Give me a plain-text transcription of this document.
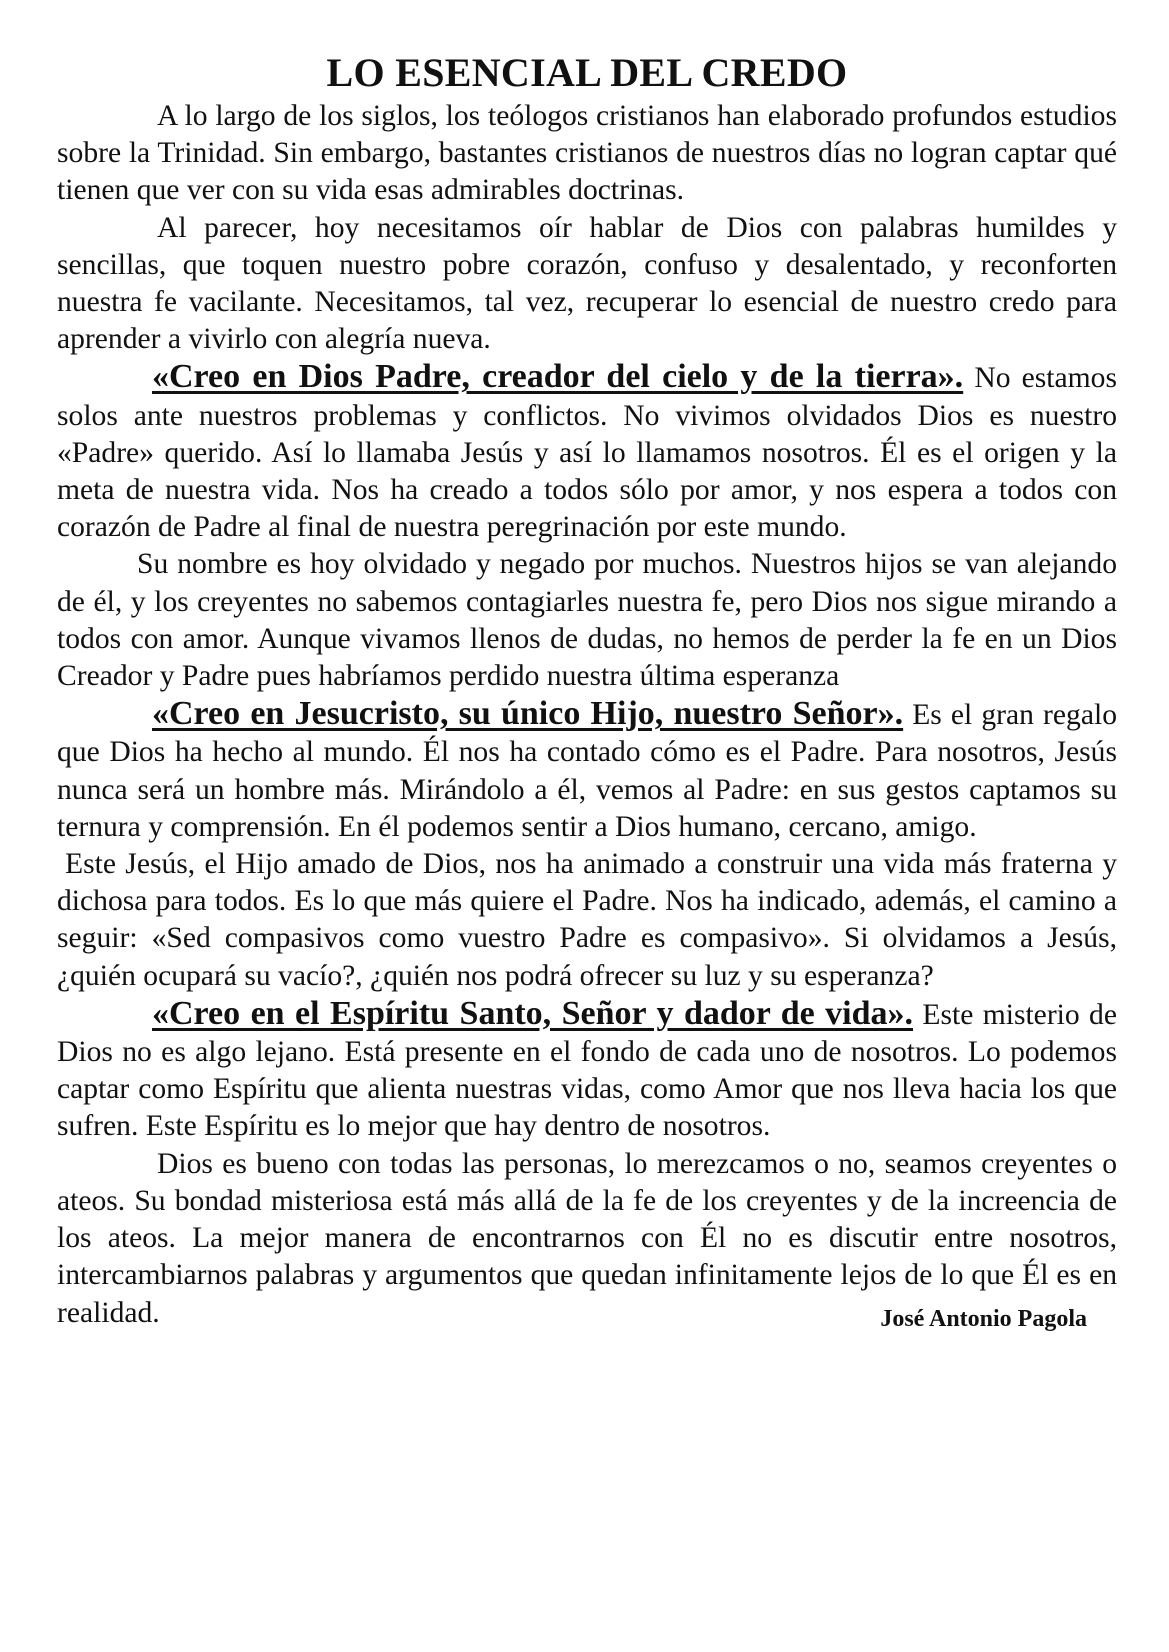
LO ESENCIAL DEL CREDO

A lo largo de los siglos, los teólogos cristianos han elaborado profundos estudios sobre la Trinidad. Sin embargo, bastantes cristianos de nuestros días no logran captar qué tienen que ver con su vida esas admirables doctrinas.

Al parecer, hoy necesitamos oír hablar de Dios con palabras humildes y sencillas, que toquen nuestro pobre corazón, confuso y desalentado, y reconforten nuestra fe vacilante. Necesitamos, tal vez, recuperar lo esencial de nuestro credo para aprender a vivirlo con alegría nueva.

«Creo en Dios Padre, creador del cielo y de la tierra». No estamos solos ante nuestros problemas y conflictos. No vivimos olvidados Dios es nuestro «Padre» querido. Así lo llamaba Jesús y así lo llamamos nosotros. Él es el origen y la meta de nuestra vida. Nos ha creado a todos sólo por amor, y nos espera a todos con corazón de Padre al final de nuestra peregrinación por este mundo.

Su nombre es hoy olvidado y negado por muchos. Nuestros hijos se van alejando de él, y los creyentes no sabemos contagiarles nuestra fe, pero Dios nos sigue mirando a todos con amor. Aunque vivamos llenos de dudas, no hemos de perder la fe en un Dios Creador y Padre pues habríamos perdido nuestra última esperanza

«Creo en Jesucristo, su único Hijo, nuestro Señor». Es el gran regalo que Dios ha hecho al mundo. Él nos ha contado cómo es el Padre. Para nosotros, Jesús nunca será un hombre más. Mirándolo a él, vemos al Padre: en sus gestos captamos su ternura y comprensión. En él podemos sentir a Dios humano, cercano, amigo.

Este Jesús, el Hijo amado de Dios, nos ha animado a construir una vida más fraterna y dichosa para todos. Es lo que más quiere el Padre. Nos ha indicado, además, el camino a seguir: «Sed compasivos como vuestro Padre es compasivo». Si olvidamos a Jesús, ¿quién ocupará su vacío?, ¿quién nos podrá ofrecer su luz y su esperanza?

«Creo en el Espíritu Santo, Señor y dador de vida». Este misterio de Dios no es algo lejano. Está presente en el fondo de cada uno de nosotros. Lo podemos captar como Espíritu que alienta nuestras vidas, como Amor que nos lleva hacia los que sufren. Este Espíritu es lo mejor que hay dentro de nosotros.

Dios es bueno con todas las personas, lo merezcamos o no, seamos creyentes o ateos. Su bondad misteriosa está más allá de la fe de los creyentes y de la increencia de los ateos. La mejor manera de encontrarnos con Él no es discutir entre nosotros, intercambiarnos palabras y argumentos que quedan infinitamente lejos de lo que Él es en realidad.	José Antonio Pagola
